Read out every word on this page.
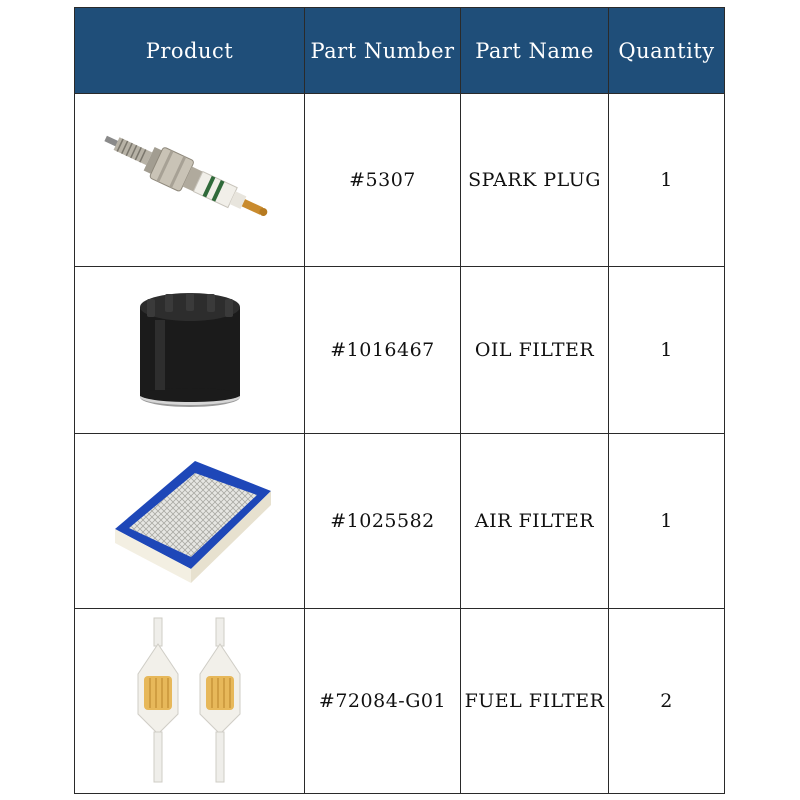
Product	Part Number	Part Name	Quantity

	#5307	SPARK PLUG	1

	#1016467	OIL FILTER	1

	#1025582	AIR FILTER	1

	#72084-G01	FUEL FILTER	2
